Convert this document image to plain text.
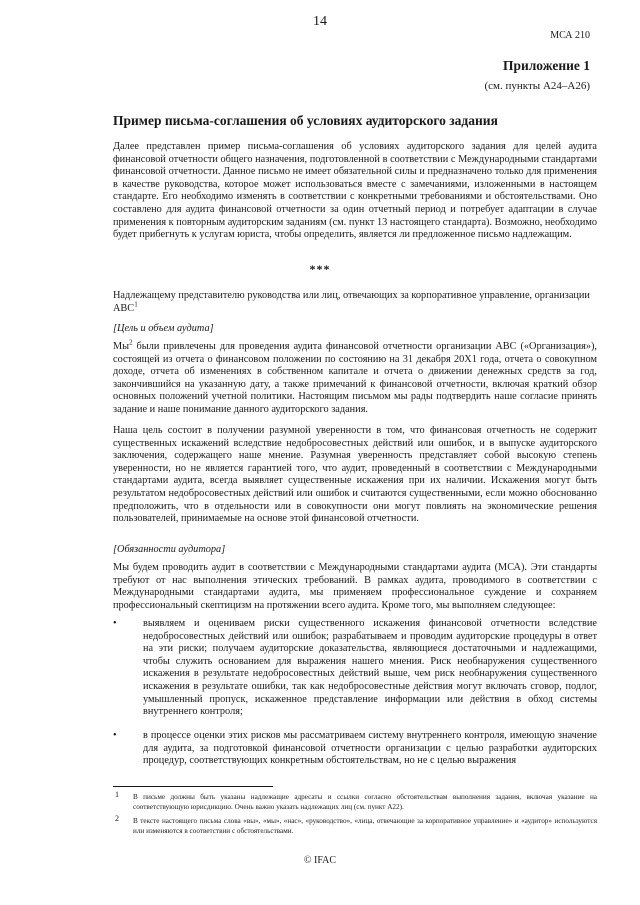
14
МСА 210
Приложение 1
(см. пункты А24–А26)
Пример письма-соглашения об условиях аудиторского задания

Далее представлен пример письма-соглашения об условиях аудиторского задания для целей аудита финансовой отчетности общего назначения, подготовленной в соответствии с Международными стандартами финансовой отчетности. Данное письмо не имеет обязательной силы и предназначено только для применения в качестве руководства, которое может использоваться вместе с замечаниями, изложенными в настоящем стандарте. Его необходимо изменять в соответствии с конкретными требованиями и обстоятельствами. Оно составлено для аудита финансовой отчетности за один отчетный период и потребует адаптации в случае применения к повторным аудиторским заданиям (см. пункт 13 настоящего стандарта). Возможно, необходимо будет прибегнуть к услугам юриста, чтобы определить, является ли предложенное письмо надлежащим.

***

Надлежащему представителю руководства или лиц, отвечающих за корпоративное управление, организации АВС$^1$

[Цель и объем аудита]

$Мы^2$ были привлечены для проведения аудита финансовой отчетности организации АВС («Организация»), состоящей из отчета о финансовом положении по состоянию на 31 декабря 20Х1 года, отчета о совокупном доходе, отчета об изменениях в собственном капитале и отчета о движении денежных средств за год, закончившийся на указанную дату, а также примечаний к финансовой отчетности, включая краткий обзор основных положений учетной политики. Настоящим письмом мы рады подтвердить наше согласие принять задание и наше понимание данного аудиторского задания.

Наша цель состоит в получении разумной уверенности в том, что финансовая отчетность не содержит существенных искажений вследствие недобросовестных действий или ошибок, и в выпуске аудиторского заключения, содержащего наше мнение. Разумная уверенность представляет собой высокую степень уверенности, но не является гарантией того, что аудит, проведенный в соответствии с Международными стандартами аудита, всегда выявляет существенные искажения при их наличии. Искажения могут быть результатом недобросовестных действий или ошибок и считаются существенными, если можно обоснованно предположить, что в отдельности или в совокупности они могут повлиять на экономические решения пользователей, принимаемые на основе этой финансовой отчетности.

[Обязанности аудитора]

Мы будем проводить аудит в соответствии с Международными стандартами аудита (МСА). Эти стандарты требуют от нас выполнения этических требований. В рамках аудита, проводимого в соответствии с Международными стандартами аудита, мы применяем профессиональное суждение и сохраняем профессиональный скептицизм на протяжении всего аудита. Кроме того, мы выполняем следующее:

•	выявляем и оцениваем риски существенного искажения финансовой отчетности вследствие недобросовестных действий или ошибок; разрабатываем и проводим аудиторские процедуры в ответ на эти риски; получаем аудиторские доказательства, являющиеся достаточными и надлежащими, чтобы служить основанием для выражения нашего мнения. Риск необнаружения существенного искажения в результате недобросовестных действий выше, чем риск необнаружения существенного искажения в результате ошибки, так как недобросовестные действия могут включать сговор, подлог, умышленный пропуск, искаженное представление информации или действия в обход системы внутреннего контроля;

•	в процессе оценки этих рисков мы рассматриваем систему внутреннего контроля, имеющую значение для аудита, за подготовкой финансовой отчетности организации с целью разработки аудиторских процедур, соответствующих конкретным обстоятельствам, но не с целью выражения

1 В письме должны быть указаны надлежащие адресаты и ссылки согласно обстоятельствам выполнения задания, включая указание на соответствующую юрисдикцию. Очень важно указать надлежащих лиц (см. пункт А22).
2 В тексте настоящего письма слова «вы», «мы», «нас», «руководство», «лица, отвечающие за корпоративное управление» и «аудитор» используются или изменяются в соответствии с обстоятельствами.
© IFAC
